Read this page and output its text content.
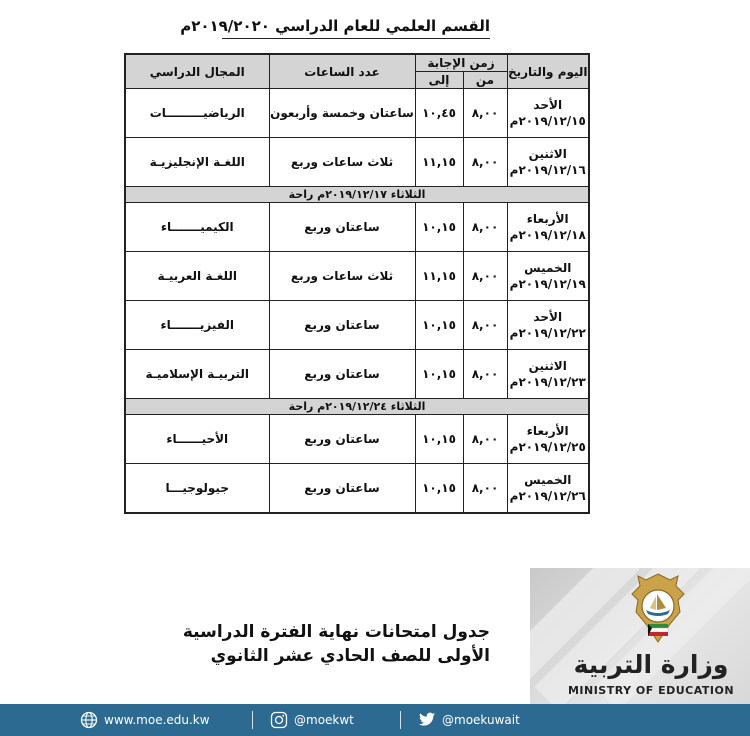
القسم العلمي للعام الدراسي ٢٠١٩/٢٠٢٠م
اليوم والتاريخ	زمن الإجابة		عدد الساعات	المجال الدراسي
	من	إلى		

الأحد
٢٠١٩/١٢/١٥م	٨,٠٠	١٠,٤٥	ساعتان وخمسة وأربعون	الرياضيـــــــــات

الاثنين
٢٠١٩/١٢/١٦م	٨,٠٠	١١,١٥	ثلاث ساعات وربع	اللغـة الإنجليزيـة
الثلاثاء ٢٠١٩/١٢/١٧م راحة				

الأربعاء
٢٠١٩/١٢/١٨م	٨,٠٠	١٠,١٥	ساعتان وربع	الكيميـــــــاء

الخميس
٢٠١٩/١٢/١٩م	٨,٠٠	١١,١٥	ثلاث ساعات وربع	اللغـة العربيـة

الأحد
٢٠١٩/١٢/٢٢م	٨,٠٠	١٠,١٥	ساعتان وربع	الفيزيـــــــاء

الاثنين
٢٠١٩/١٢/٢٣م	٨,٠٠	١٠,١٥	ساعتان وربع	التربيـة الإسلاميـة
الثلاثاء ٢٠١٩/١٢/٢٤م راحة				

الأربعاء
٢٠١٩/١٢/٢٥م	٨,٠٠	١٠,١٥	ساعتان وربع	الأحيــــــاء

الخميس
٢٠١٩/١٢/٢٦م	٨,٠٠	١٠,١٥	ساعتان وربع	جيولوجيـــا
جدول امتحانات نهاية الفترة الدراسية
الأولى للصف الحادي عشر الثانوي	وزارة التربية
MINISTRY OF EDUCATION
www.moe.edu.kw	@moekwt	@moekuwait
